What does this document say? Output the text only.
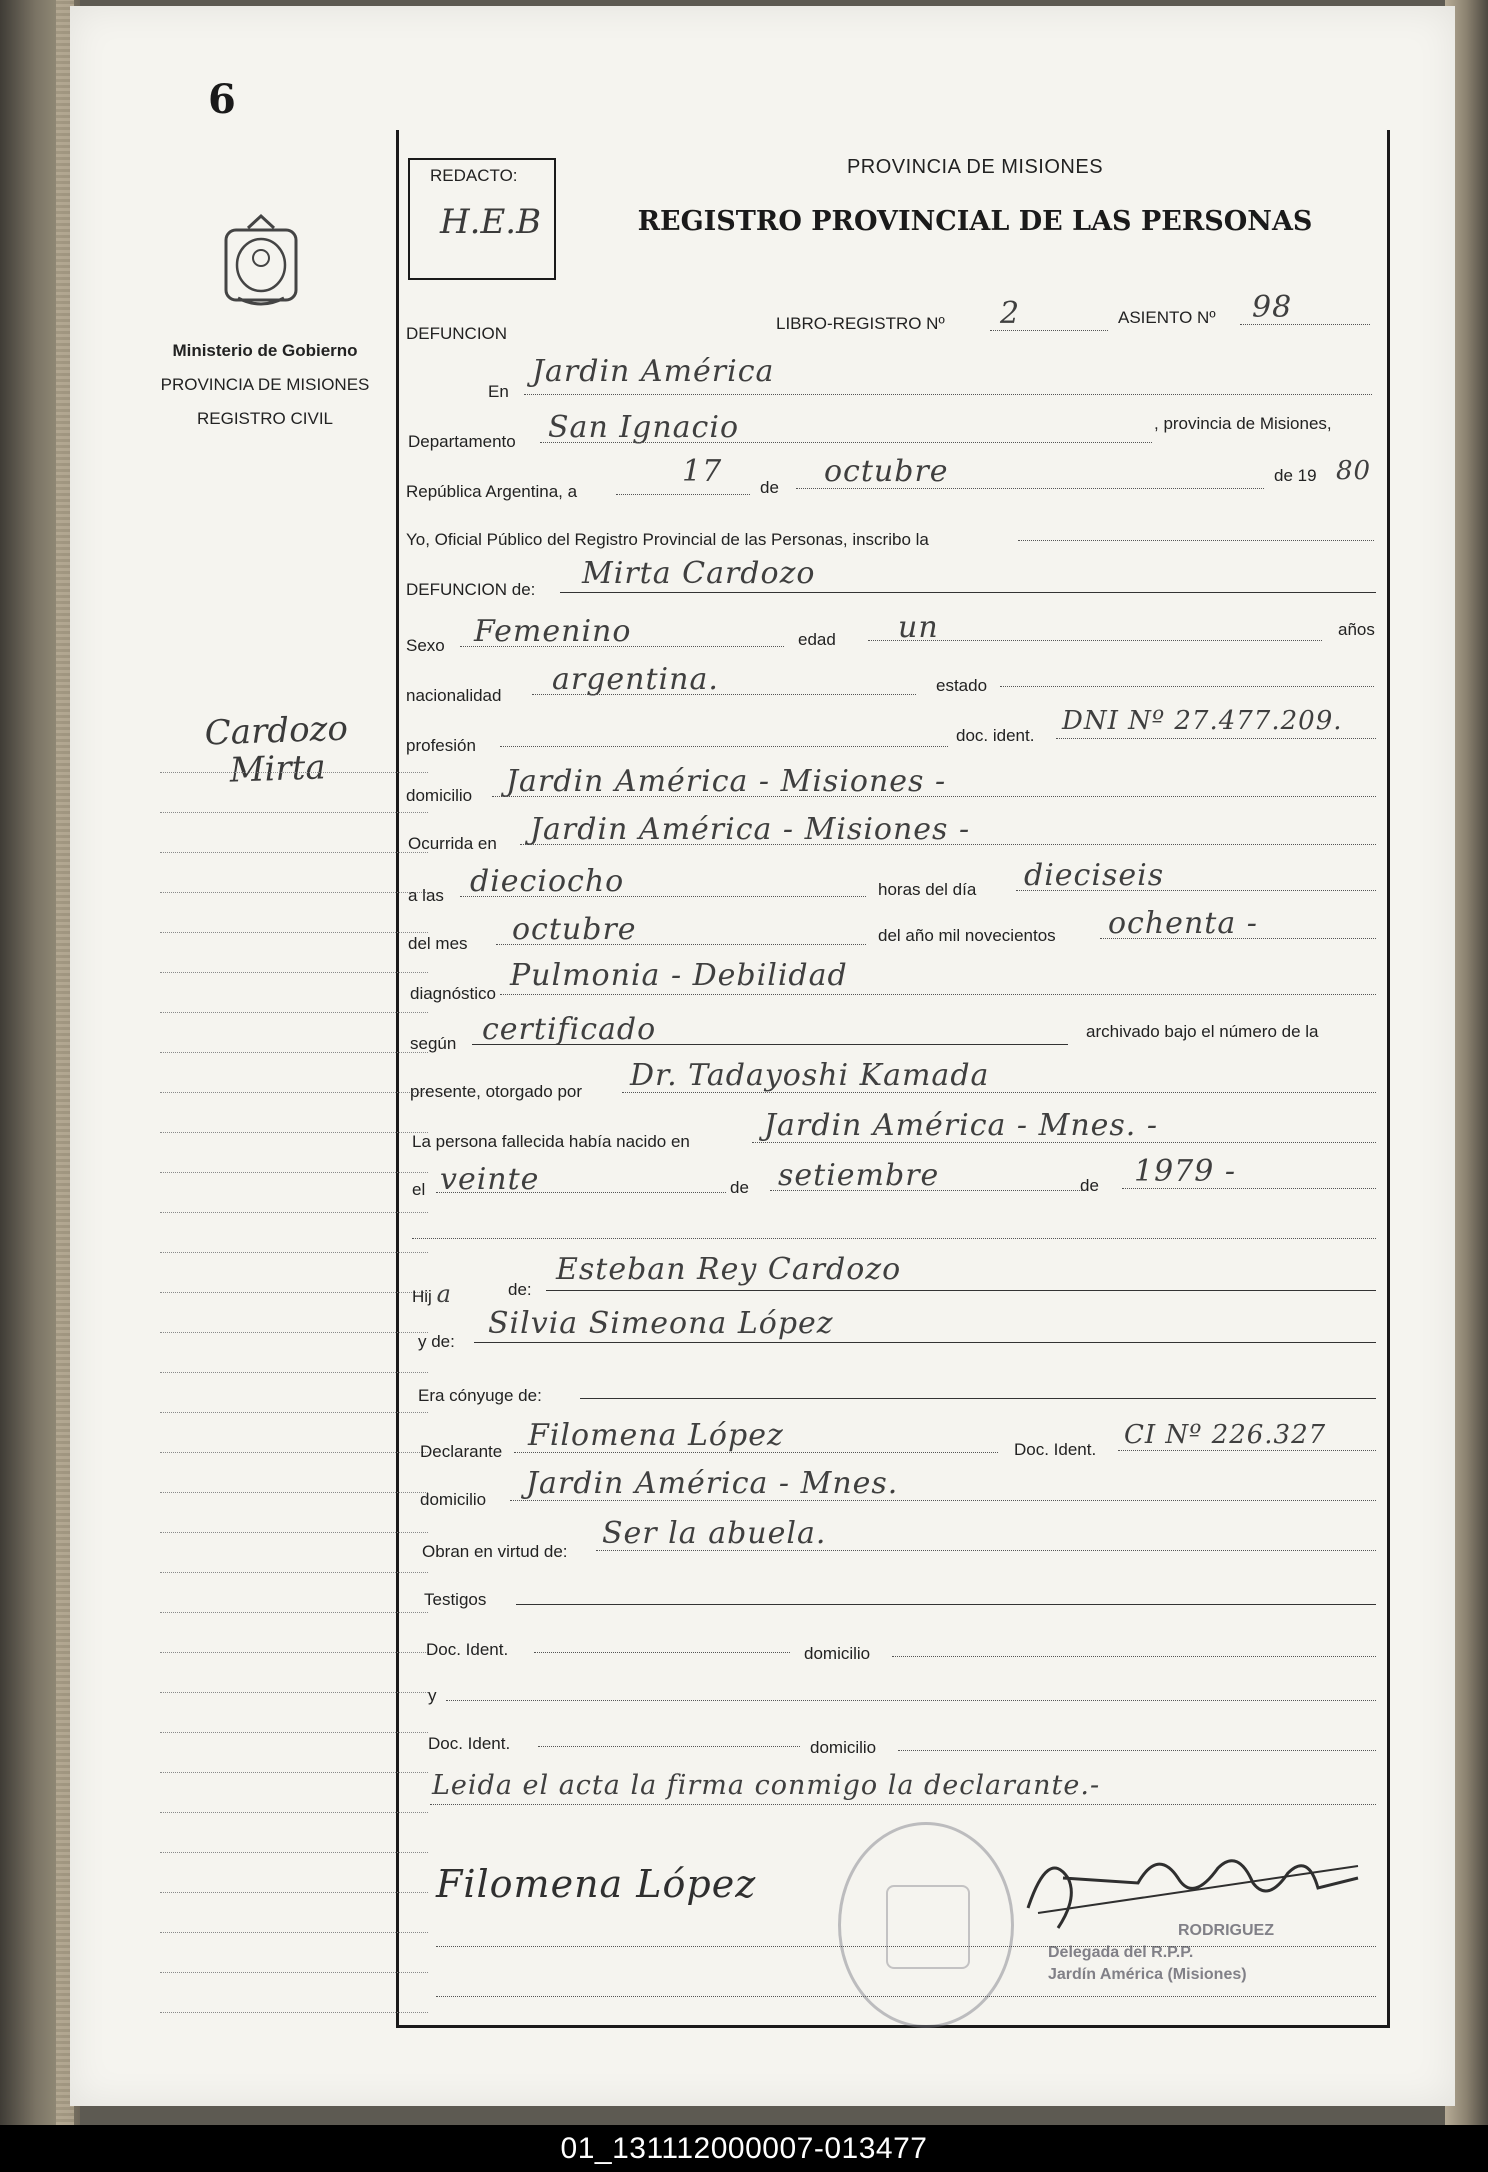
6
Ministerio de Gobierno
PROVINCIA DE MISIONES
REGISTRO CIVIL
Cardozo
Mirta
REDACTO:
H.E.B
PROVINCIA DE MISIONES
REGISTRO PROVINCIAL DE LAS PERSONAS
DEFUNCION
LIBRO-REGISTRO Nº 2	ASIENTO Nº 98
En
Jardin América
Departamento San Ignacio	, provincia de Misiones,
República Argentina, a
17 de octubre	de 19 80
Yo, Oficial Público del Registro Provincial de las Personas, inscribo la
DEFUNCION de: Mirta Cardozo
Sexo Femenino	edad un	años
nacionalidad argentina.	estado
profesión
doc. ident. DNI Nº 27.477.209.
domicilio Jardin América - Misiones -
Ocurrida en Jardin América - Misiones -
a las dieciocho	horas del día dieciseis
del mes octubre	del año mil novecientos ochenta -
diagnóstico
Pulmonia - Debilidad
según certificado	archivado bajo el número de la
presente, otorgado por Dr. Tadayoshi Kamada
La persona fallecida había nacido en Jardin América - Mnes. -
el veinte	de setiembre	de 1979 -
Hij a	de:
Esteban Rey Cardozo
y de:
Silvia Simeona López
Era cónyuge de:
Declarante Filomena López	Doc. Ident. CI Nº 226.327
domicilio Jardin América - Mnes.
Obran en virtud de:
Ser la abuela.
Testigos
Doc. Ident.	domicilio
y
Doc. Ident.	domicilio
Leida el acta la firma conmigo la declarante.-
Filomena López
RODRIGUEZ
Delegada del R.P.P.
Jardín América (Misiones)
01_131112000007-013477
